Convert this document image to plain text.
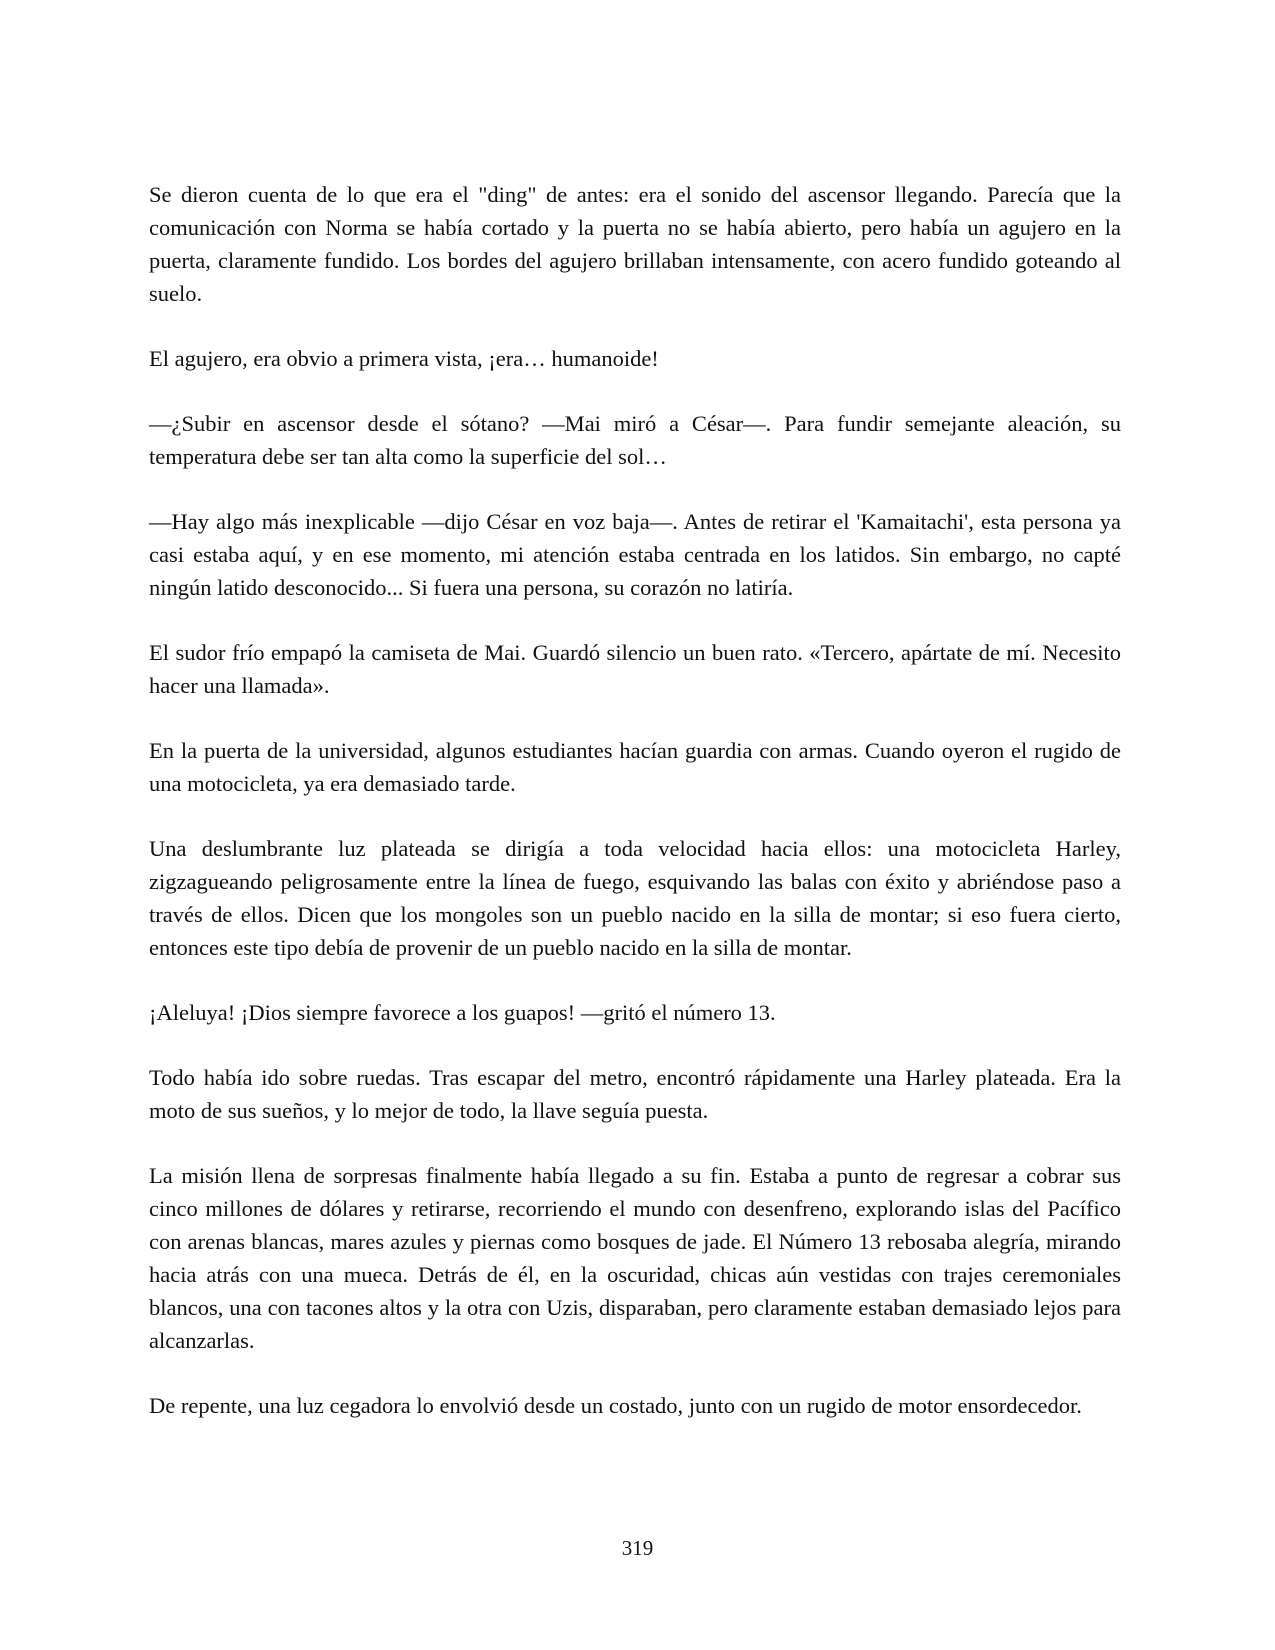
Se dieron cuenta de lo que era el "ding" de antes: era el sonido del ascensor llegando. Parecía que la comunicación con Norma se había cortado y la puerta no se había abierto, pero había un agujero en la puerta, claramente fundido. Los bordes del agujero brillaban intensamente, con acero fundido goteando al suelo.

El agujero, era obvio a primera vista, ¡era… humanoide!

—¿Subir en ascensor desde el sótano? —Mai miró a César—. Para fundir semejante aleación, su temperatura debe ser tan alta como la superficie del sol…

—Hay algo más inexplicable —dijo César en voz baja—. Antes de retirar el 'Kamaitachi', esta persona ya casi estaba aquí, y en ese momento, mi atención estaba centrada en los latidos. Sin embargo, no capté ningún latido desconocido... Si fuera una persona, su corazón no latiría.

El sudor frío empapó la camiseta de Mai. Guardó silencio un buen rato. «Tercero, apártate de mí. Necesito hacer una llamada».

En la puerta de la universidad, algunos estudiantes hacían guardia con armas. Cuando oyeron el rugido de una motocicleta, ya era demasiado tarde.

Una deslumbrante luz plateada se dirigía a toda velocidad hacia ellos: una motocicleta Harley, zigzagueando peligrosamente entre la línea de fuego, esquivando las balas con éxito y abriéndose paso a través de ellos. Dicen que los mongoles son un pueblo nacido en la silla de montar; si eso fuera cierto, entonces este tipo debía de provenir de un pueblo nacido en la silla de montar.

¡Aleluya! ¡Dios siempre favorece a los guapos! —gritó el número 13.

Todo había ido sobre ruedas. Tras escapar del metro, encontró rápidamente una Harley plateada. Era la moto de sus sueños, y lo mejor de todo, la llave seguía puesta.

La misión llena de sorpresas finalmente había llegado a su fin. Estaba a punto de regresar a cobrar sus cinco millones de dólares y retirarse, recorriendo el mundo con desenfreno, explorando islas del Pacífico con arenas blancas, mares azules y piernas como bosques de jade. El Número 13 rebosaba alegría, mirando hacia atrás con una mueca. Detrás de él, en la oscuridad, chicas aún vestidas con trajes ceremoniales blancos, una con tacones altos y la otra con Uzis, disparaban, pero claramente estaban demasiado lejos para alcanzarlas.

De repente, una luz cegadora lo envolvió desde un costado, junto con un rugido de motor ensordecedor.

319
